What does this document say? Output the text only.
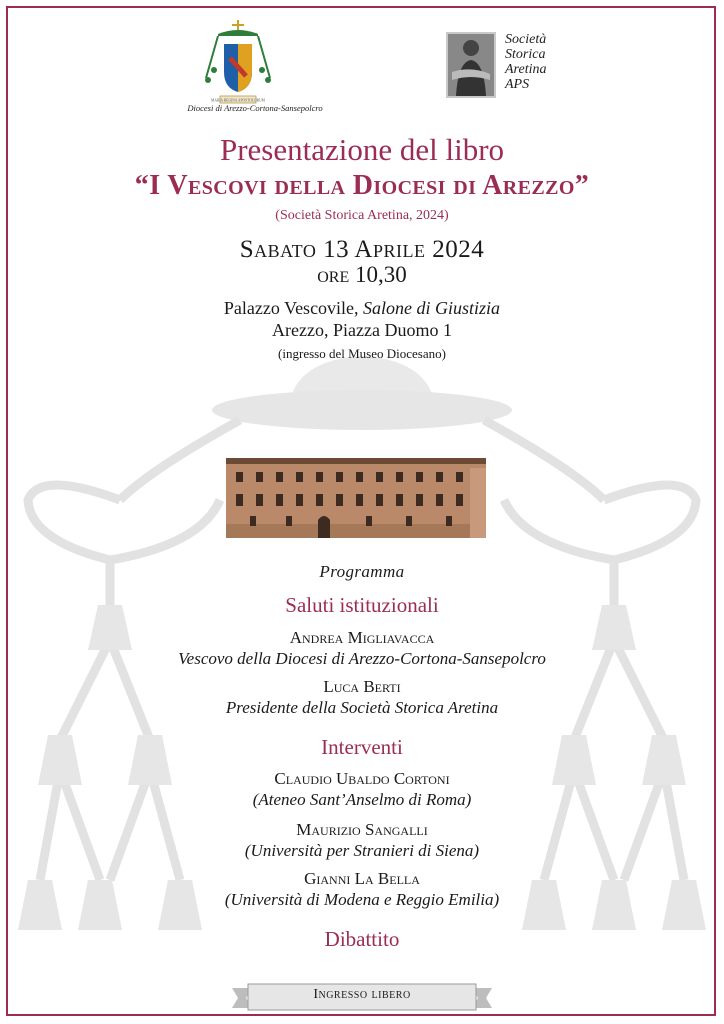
MARIA REGINA APOSTOLORUM
Diocesi di Arezzo-Cortona-Sansepolcro
Società
Storica
Aretina
APS
Presentazione del libro
“I Vescovi della Diocesi di Arezzo”
(Società Storica Aretina, 2024)
Sabato 13 Aprile 2024
ore 10,30
Palazzo Vescovile, Salone di Giustizia
Arezzo, Piazza Duomo 1
(ingresso del Museo Diocesano)
Programma
Saluti istituzionali
Andrea Migliavacca
Vescovo della Diocesi di Arezzo-Cortona-Sansepolcro
Luca Berti
Presidente della Società Storica Aretina
Interventi
Claudio Ubaldo Cortoni
(Ateneo Sant’Anselmo di Roma)
Maurizio Sangalli
(Università per Stranieri di Siena)
Gianni La Bella
(Università di Modena e Reggio Emilia)
Dibattito
Ingresso libero
